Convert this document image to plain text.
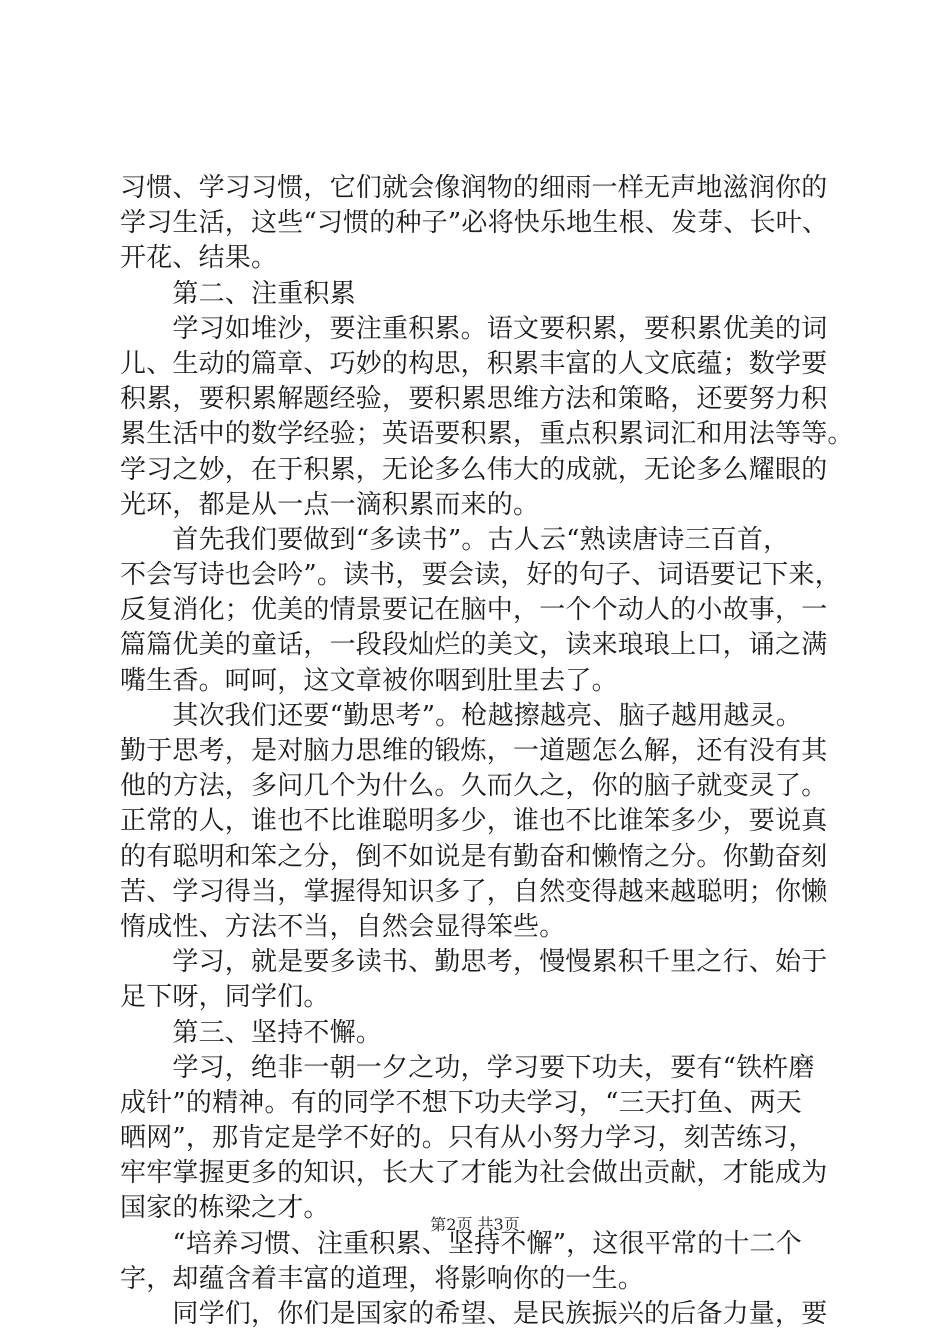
习惯、学习习惯，它们就会像润物的细雨一样无声地滋润你的
学习生活，这些“习惯的种子”必将快乐地生根、发芽、长叶、
开花、结果。
　　第二、注重积累
　　学习如堆沙，要注重积累。语文要积累，要积累优美的词
儿、生动的篇章、巧妙的构思，积累丰富的人文底蕴；数学要
积累，要积累解题经验，要积累思维方法和策略，还要努力积
累生活中的数学经验；英语要积累，重点积累词汇和用法等等。
学习之妙，在于积累，无论多么伟大的成就，无论多么耀眼的
光环，都是从一点一滴积累而来的。
　　首先我们要做到“多读书”。古人云“熟读唐诗三百首，
不会写诗也会吟”。读书，要会读，好的句子、词语要记下来，
反复消化；优美的情景要记在脑中，一个个动人的小故事，一
篇篇优美的童话，一段段灿烂的美文，读来琅琅上口，诵之满
嘴生香。呵呵，这文章被你咽到肚里去了。
　　其次我们还要“勤思考”。枪越擦越亮、脑子越用越灵。
勤于思考，是对脑力思维的锻炼，一道题怎么解，还有没有其
他的方法，多问几个为什么。久而久之，你的脑子就变灵了。
正常的人，谁也不比谁聪明多少，谁也不比谁笨多少，要说真
的有聪明和笨之分，倒不如说是有勤奋和懒惰之分。你勤奋刻
苦、学习得当，掌握得知识多了，自然变得越来越聪明；你懒
惰成性、方法不当，自然会显得笨些。
　　学习，就是要多读书、勤思考，慢慢累积千里之行、始于
足下呀，同学们。
　　第三、坚持不懈。
　　学习，绝非一朝一夕之功，学习要下功夫，要有“铁杵磨
成针”的精神。有的同学不想下功夫学习，“三天打鱼、两天
晒网”，那肯定是学不好的。只有从小努力学习，刻苦练习，
牢牢掌握更多的知识，长大了才能为社会做出贡献，才能成为
国家的栋梁之才。
　　“培养习惯、注重积累、坚持不懈”，这很平常的十二个
字，却蕴含着丰富的道理，将影响你的一生。
　　同学们，你们是国家的希望、是民族振兴的后备力量，要
第2页 共3页
